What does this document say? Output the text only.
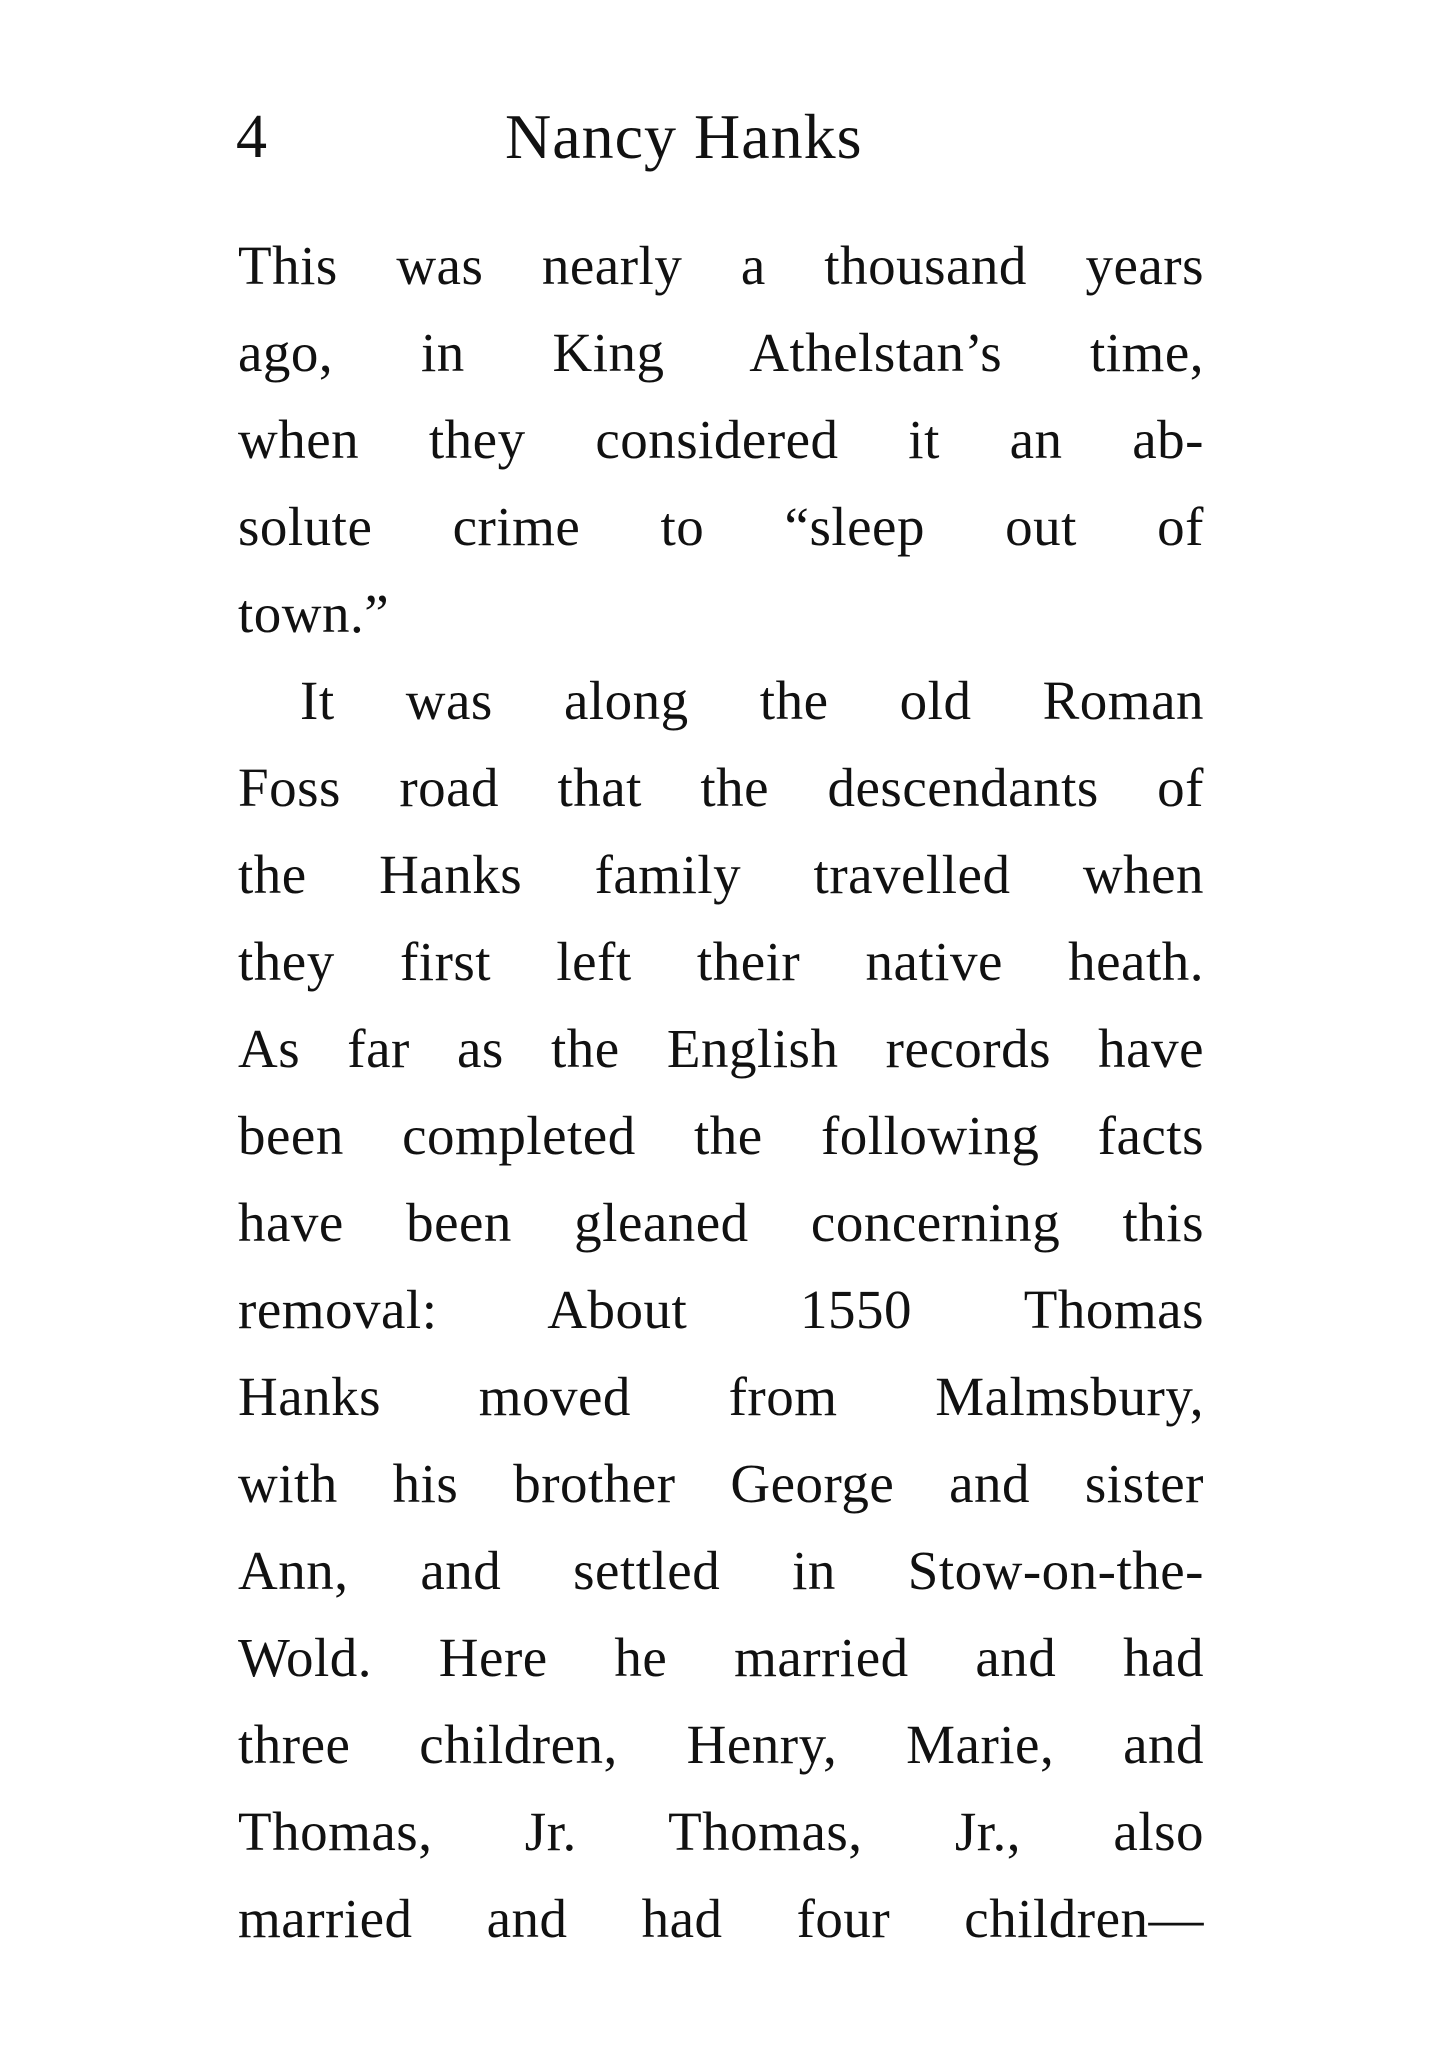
4	Nancy Hanks
This was nearly a thousand years
ago, in King Athelstan’s time,
when they considered it an ab-
solute crime to “sleep out of
town.”
It was along the old Roman
Foss road that the descendants of
the Hanks family travelled when
they first left their native heath.
As far as the English records have
been completed the following facts
have been gleaned concerning this
removal: About 1550 Thomas
Hanks moved from Malmsbury,
with his brother George and sister
Ann, and settled in Stow-on-the-
Wold. Here he married and had
three children, Henry, Marie, and
Thomas, Jr. Thomas, Jr., also
married and had four children—
